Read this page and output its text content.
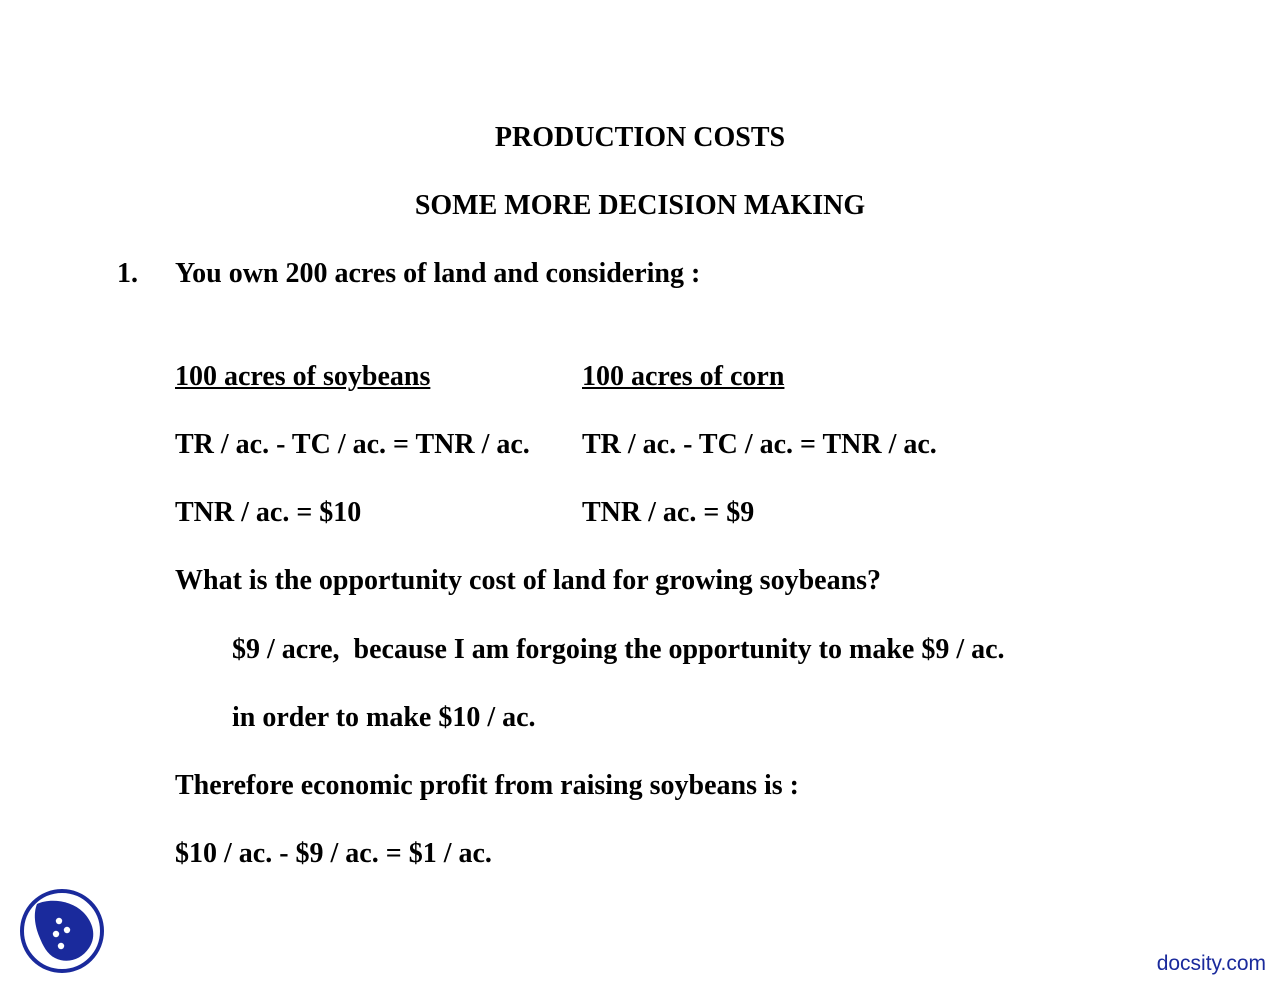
PRODUCTION COSTS
SOME MORE DECISION MAKING
1. You own 200 acres of land and considering :
100 acres of soybeans	100 acres of corn
TR / ac. - TC / ac. = TNR / ac. TR / ac. - TC / ac. = TNR / ac.
TNR / ac. = $10	TNR / ac. = $9
What is the opportunity cost of land for growing soybeans?
$9 / acre,  because I am forgoing the opportunity to make $9 / ac.
in order to make $10 / ac.
Therefore economic profit from raising soybeans is :
$10 / ac. - $9 / ac. = $1 / ac.
docsity.com
